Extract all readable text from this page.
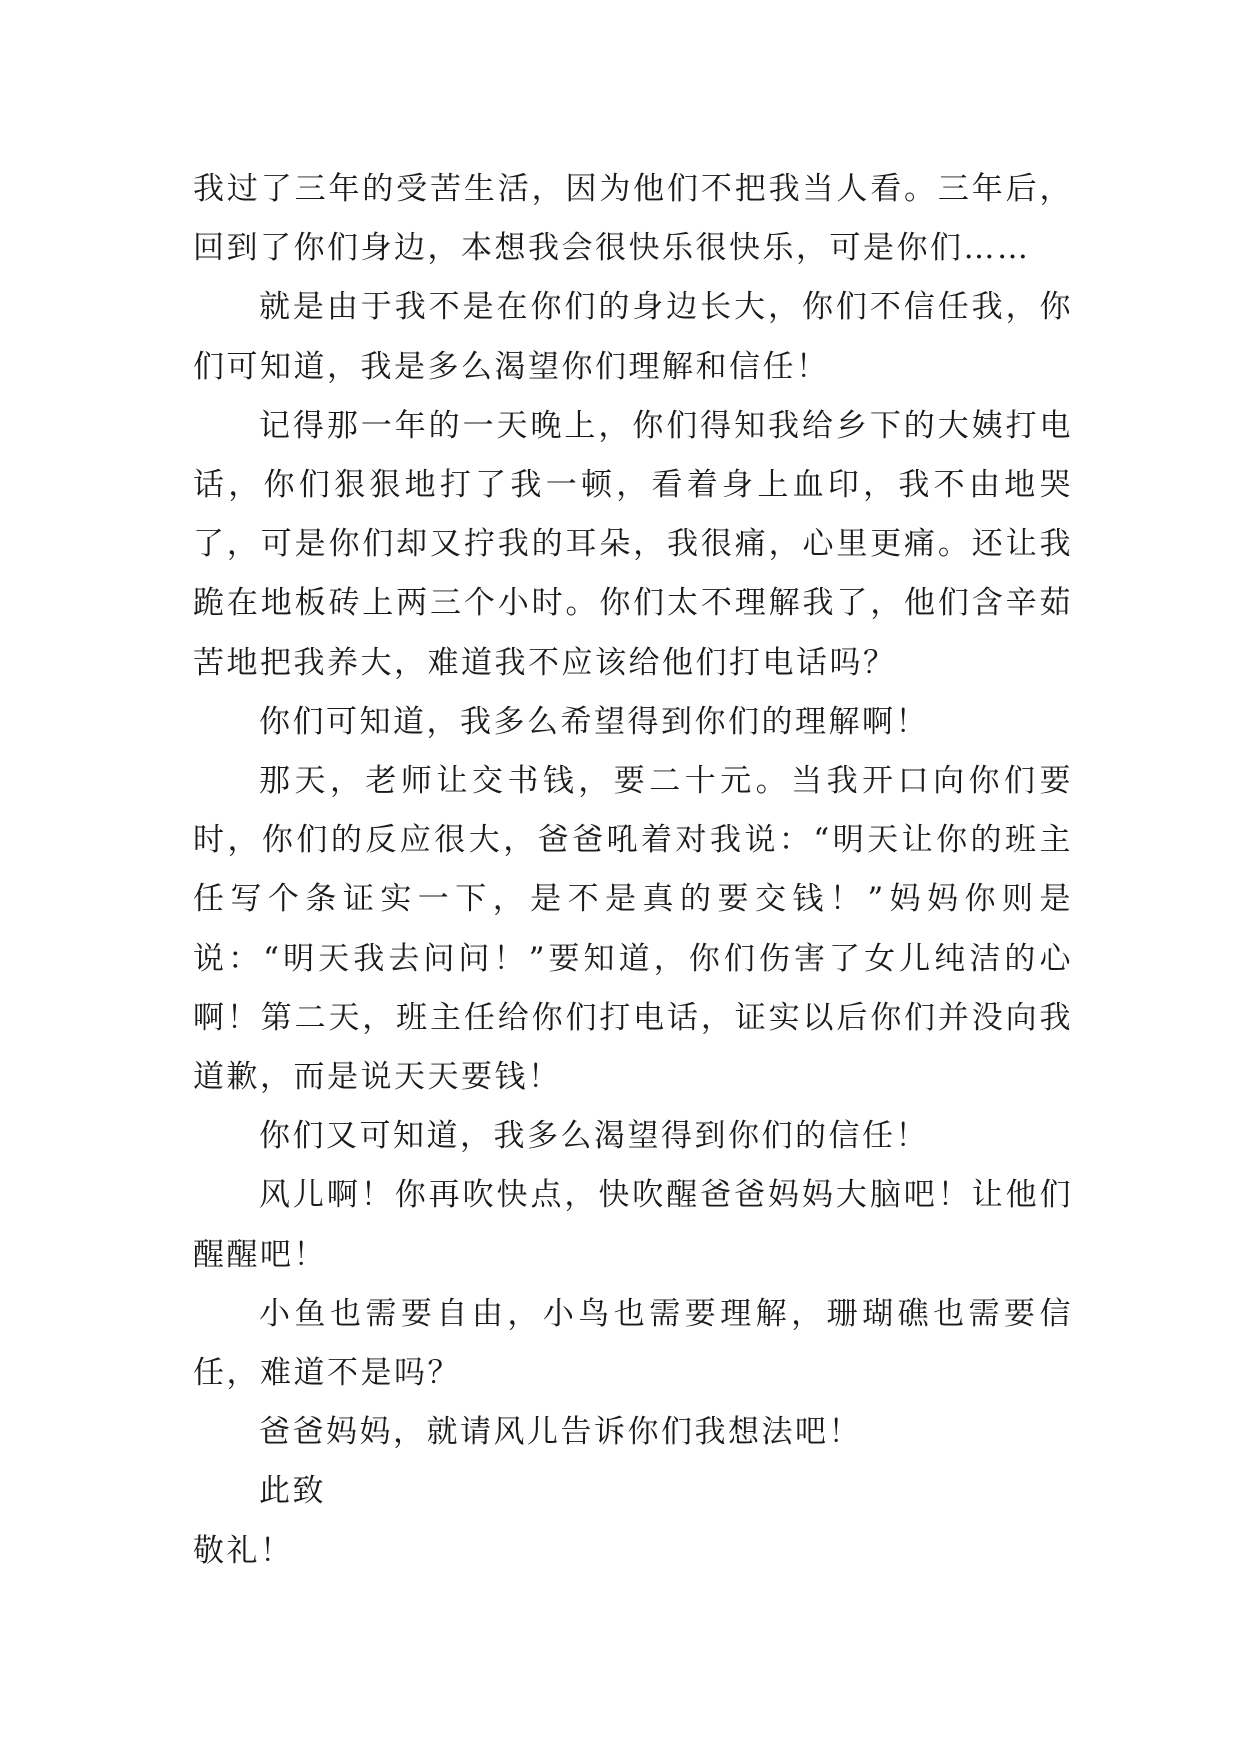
我过了三年的受苦生活，因为他们不把我当人看。三年后，回到了你们身边，本想我会很快乐很快乐，可是你们……

就是由于我不是在你们的身边长大，你们不信任我，你们可知道，我是多么渴望你们理解和信任！

记得那一年的一天晚上，你们得知我给乡下的大姨打电话，你们狠狠地打了我一顿，看着身上血印，我不由地哭了，可是你们却又拧我的耳朵，我很痛，心里更痛。还让我跪在地板砖上两三个小时。你们太不理解我了，他们含辛茹苦地把我养大，难道我不应该给他们打电话吗？

你们可知道，我多么希望得到你们的理解啊！

那天，老师让交书钱，要二十元。当我开口向你们要时，你们的反应很大，爸爸吼着对我说：“明天让你的班主任写个条证实一下，是不是真的要交钱！”妈妈你则是说：“明天我去问问！”要知道，你们伤害了女儿纯洁的心啊！第二天，班主任给你们打电话，证实以后你们并没向我道歉，而是说天天要钱！

你们又可知道，我多么渴望得到你们的信任！

风儿啊！你再吹快点，快吹醒爸爸妈妈大脑吧！让他们醒醒吧！

小鱼也需要自由，小鸟也需要理解，珊瑚礁也需要信任，难道不是吗？

爸爸妈妈，就请风儿告诉你们我想法吧！

此致

敬礼！
